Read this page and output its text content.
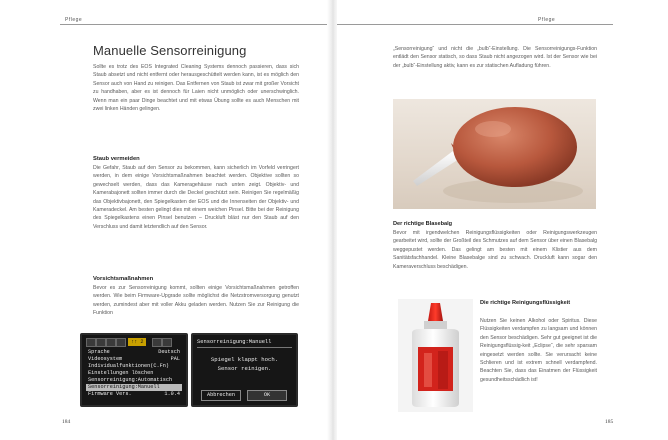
Pflege
Manuelle Sensorreinigung
Sollte es trotz des EOS Integrated Cleaning Systems dennoch passieren, dass sich Staub absetzt und nicht entfernt oder herausgeschüttelt werden kann, ist es möglich den Sensor auch von Hand zu reinigen. Das Entfernen von Staub ist zwar mit großer Vorsicht zu handhaben, aber es ist dennoch für Laien nicht unmöglich oder unerschwinglich. Wenn man ein paar Dinge beachtet und mit etwas Übung sollte es auch Menschen mit zwei linken Händen gelingen.
Staub vermeiden
Die Gefahr, Staub auf den Sensor zu bekommen, kann sicherlich im Vorfeld verringert werden, in dem einige Vorsichtsmaßnahmen beachtet werden. Objektive sollten so gewechselt werden, dass das Kameragehäuse nach unten zeigt. Objektiv- und Kamerabajonett sollten immer durch die Deckel geschützt sein. Reinigen Sie regelmäßig das Objektivbajonett, den Spiegelkasten der EOS und die Innenseiten der Objektiv- und Kameradeckel. Am besten gelingt dies mit einem weichen Pinsel. Bitte bei der Reinigung des Spiegelkastens einen Pinsel benutzen – Druckluft bläst nur den Staub auf den Verschluss und damit letztendlich auf den Sensor.
Vorsichtsmaßnahmen
Bevor es zur Sensorreinigung kommt, sollten einige Vorsichtsmaßnahmen getroffen werden. Wie beim Firmware-Upgrade sollte möglichst die Netzstromversorgung genutzt werden, zumindest aber mit voller Akku geladen werden. Nutzen Sie zur Reinigung die Funktion
↑↑ 2
Sprache	Deutsch
Videosystem	PAL
Individualfunktionen(C.Fn)
Einstellungen löschen
Sensorreinigung:Automatisch
Sensorreinigung:Manuell
Firmware Vers.	1.0.4
Sensorreinigung:Manuell
Spiegel klappt hoch.
Sensor reinigen.
Abbrechen	OK
184
Pflege
„Sensorreinigung“ und nicht die „bulb“-Einstellung. Die Sensorreinigungs-Funktion entlädt den Sensor statisch, so dass Staub nicht angezogen wird. Ist der Sensor wie bei der „bulb“-Einstellung aktiv, kann es zur statischen Aufladung führen.
185
Der richtige Blasebalg
Bevor mit irgendwelchen Reinigungsflüssigkeiten oder Reinigungswerkzeugen gearbeitet wird, sollte der Großteil des Schmutzes auf dem Sensor über einen Blasebalg weggepustet werden. Das gelingt am besten mit einem Klistier aus dem Sanitätsfachhandel. Kleine Blasebalge sind zu schwach. Druckluft kann sogar den Kameraverschluss beschädigen.
Die richtige Reinigungsflüssigkeit
Nutzen Sie keinen Alkohol oder Spiritus. Diese Flüssigkeiten verdampfen zu langsam und können den Sensor beschädigen. Sehr gut geeignet ist die Reinigungsflüssig-keit „Eclipse“, die sehr sparsam eingesetzt werden sollte. Sie verursacht keine Schlieren und ist extrem schnell verdampfend. Beachten Sie, dass das Einatmen der Flüssigkeit gesundheitsschädlich ist!
